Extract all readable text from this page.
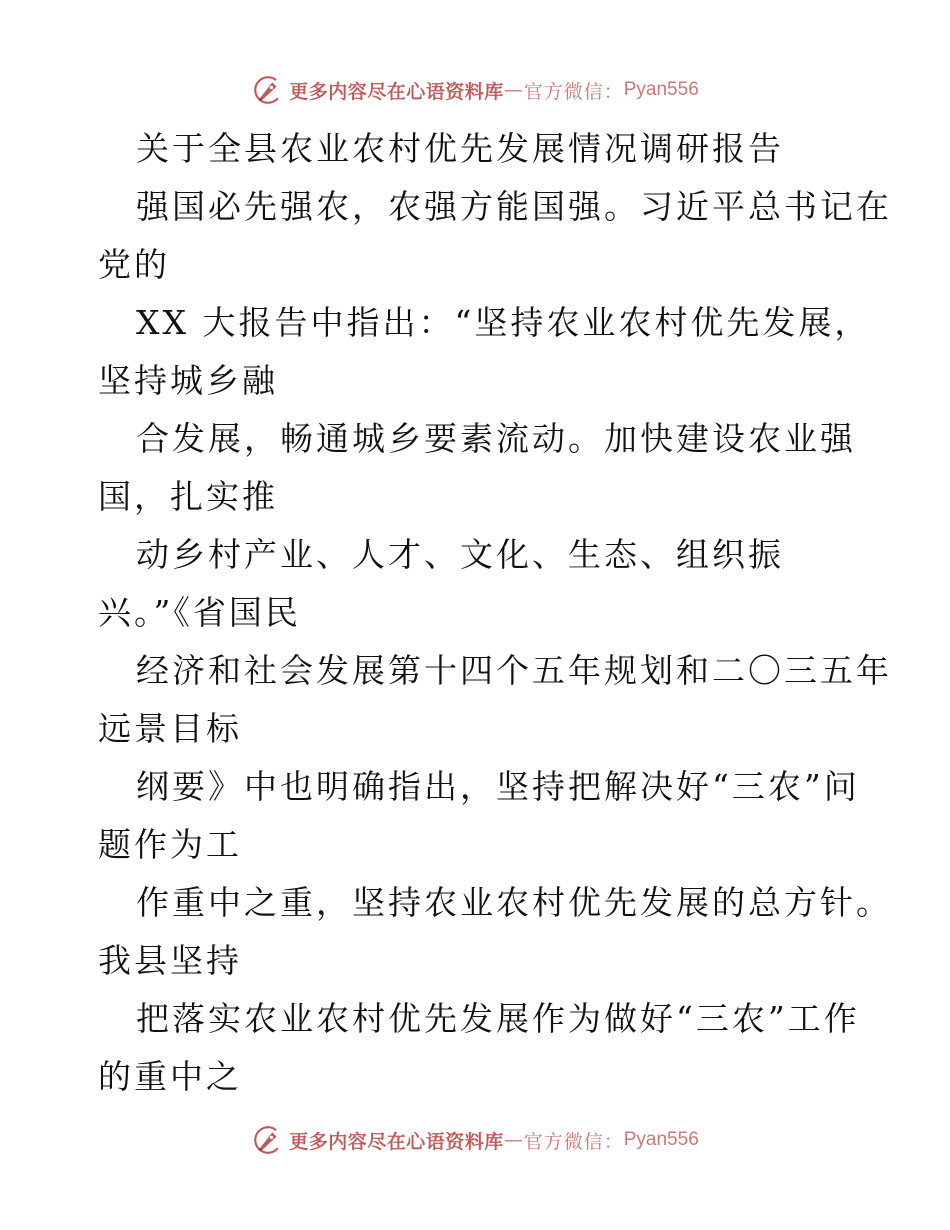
更多内容尽在心语资料库 — 官方微信： Pyan556
关于全县农业农村优先发展情况调研报告
强国必先强农，农强方能国强。习近平总书记在
党的
XX 大报告中指出：“坚持农业农村优先发展，
坚持城乡融
合发展，畅通城乡要素流动。加快建设农业强
国，扎实推
动乡村产业、人才、文化、生态、组织振
兴。”《省国民
经济和社会发展第十四个五年规划和二〇三五年
远景目标
纲要》中也明确指出，坚持把解决好“三农”问
题作为工
作重中之重，坚持农业农村优先发展的总方针。
我县坚持
把落实农业农村优先发展作为做好“三农”工作
的重中之
更多内容尽在心语资料库 — 官方微信： Pyan556
